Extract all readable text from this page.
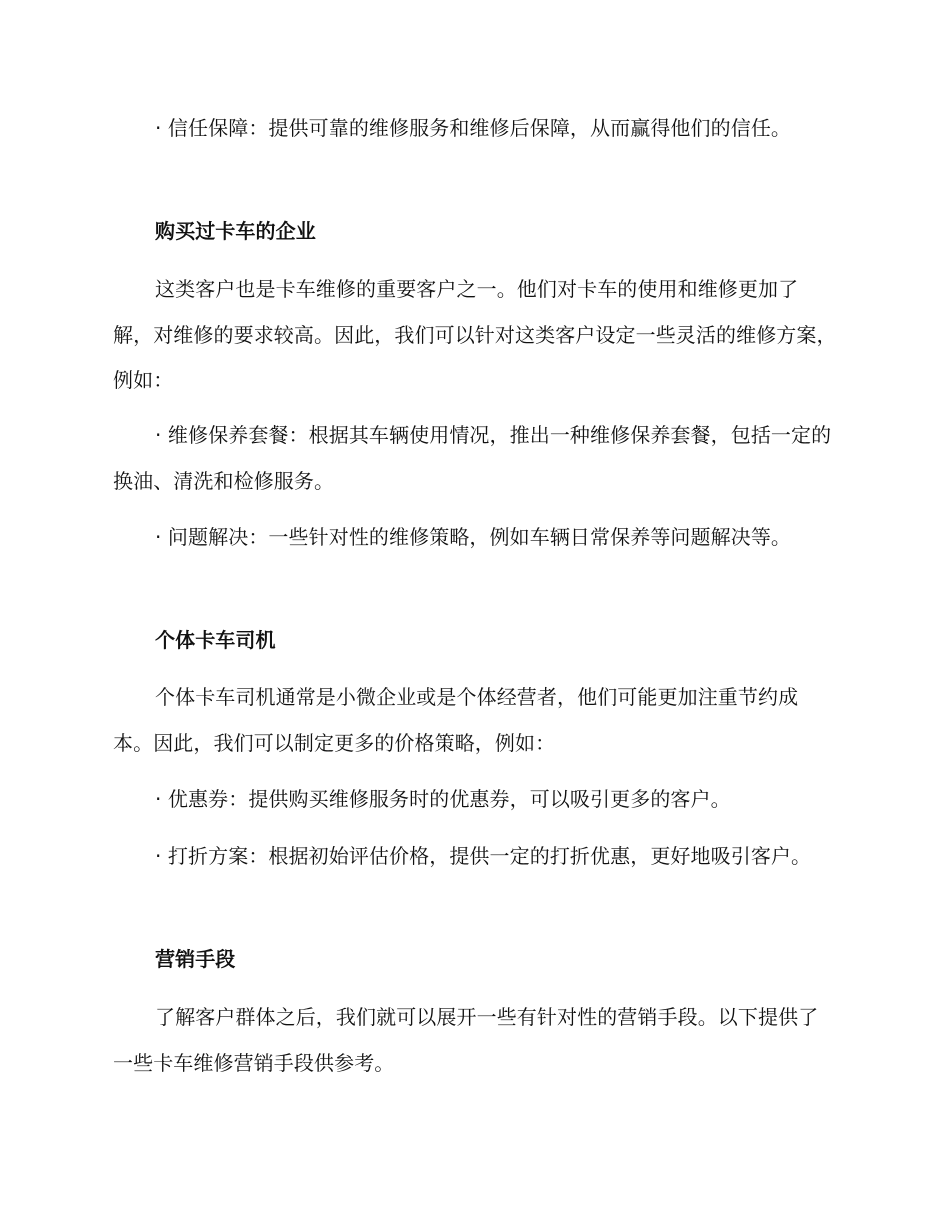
· 信任保障：提供可靠的维修服务和维修后保障，从而赢得他们的信任。

购买过卡车的企业

这类客户也是卡车维修的重要客户之一。他们对卡车的使用和维修更加了解，对维修的要求较高。因此，我们可以针对这类客户设定一些灵活的维修方案，例如：

· 维修保养套餐：根据其车辆使用情况，推出一种维修保养套餐，包括一定的换油、清洗和检修服务。

· 问题解决：一些针对性的维修策略，例如车辆日常保养等问题解决等。

个体卡车司机

个体卡车司机通常是小微企业或是个体经营者，他们可能更加注重节约成本。因此，我们可以制定更多的价格策略，例如：

· 优惠券：提供购买维修服务时的优惠券，可以吸引更多的客户。

· 打折方案：根据初始评估价格，提供一定的打折优惠，更好地吸引客户。

营销手段

了解客户群体之后，我们就可以展开一些有针对性的营销手段。以下提供了一些卡车维修营销手段供参考。
